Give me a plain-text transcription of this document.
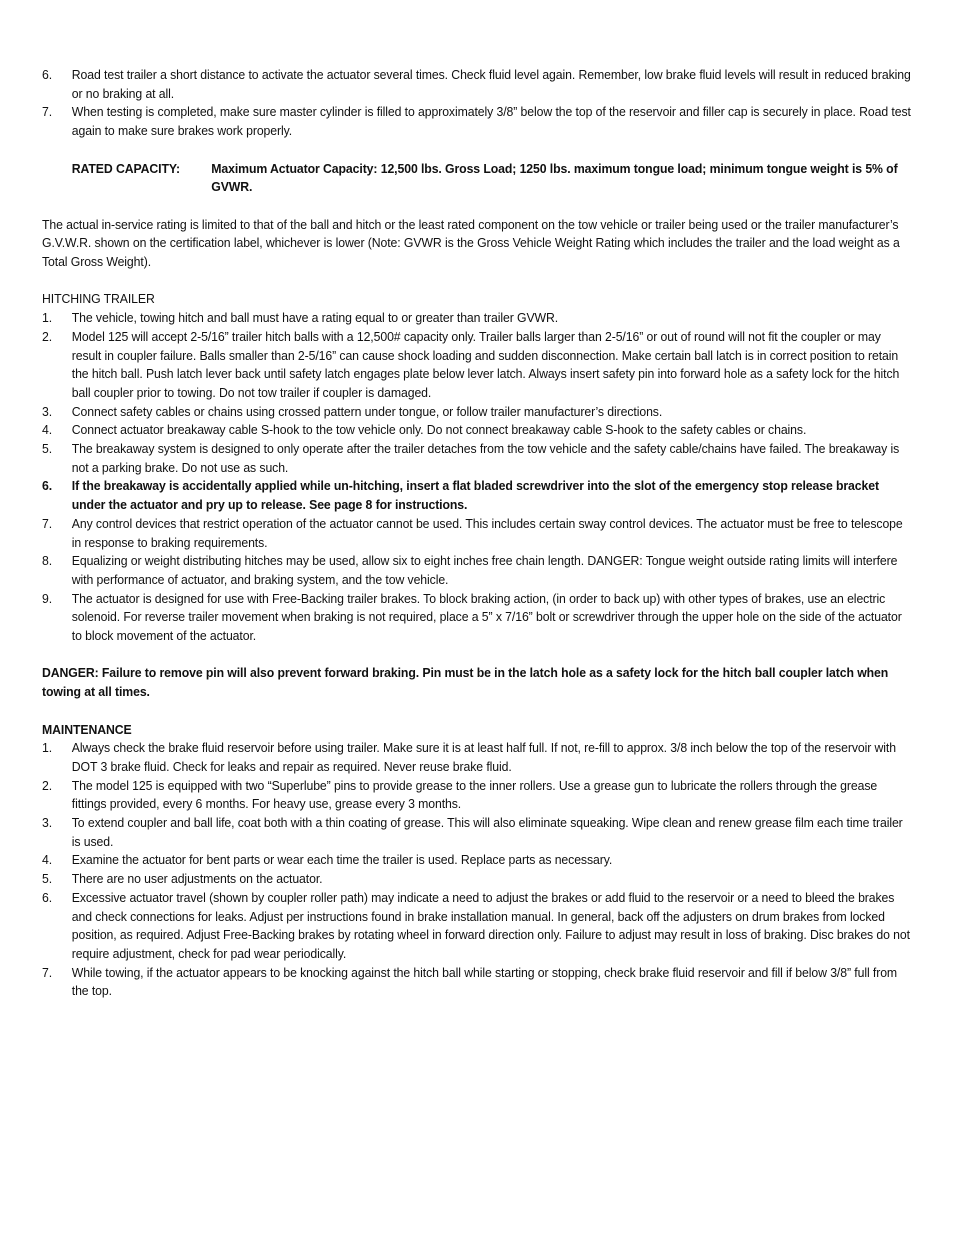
6. Road test trailer a short distance to activate the actuator several times. Check fluid level again. Remember, low brake fluid levels will result in reduced braking or no braking at all.
7. When testing is completed, make sure master cylinder is filled to approximately 3/8” below the top of the reservoir and filler cap is securely in place. Road test again to make sure brakes work properly.
RATED CAPACITY:	Maximum Actuator Capacity: 12,500 lbs. Gross Load; 1250 lbs. maximum tongue load; minimum tongue weight is 5% of GVWR.

The actual in-service rating is limited to that of the ball and hitch or the least rated component on the tow vehicle or trailer being used or the trailer manufacturer’s G.V.W.R. shown on the certification label, whichever is lower (Note: GVWR is the Gross Vehicle Weight Rating which includes the trailer and the load weight as a Total Gross Weight).

HITCHING TRAILER

1. The vehicle, towing hitch and ball must have a rating equal to or greater than trailer GVWR.
2. Model 125 will accept 2-5/16” trailer hitch balls with a 12,500# capacity only. Trailer balls larger than 2-5/16” or out of round will not fit the coupler or may result in coupler failure. Balls smaller than 2-5/16” can cause shock loading and sudden disconnection. Make certain ball latch is in correct position to retain the hitch ball. Push latch lever back until safety latch engages plate below lever latch. Always insert safety pin into forward hole as a safety lock for the hitch ball coupler prior to towing. Do not tow trailer if coupler is damaged.
3. Connect safety cables or chains using crossed pattern under tongue, or follow trailer manufacturer’s directions.
4. Connect actuator breakaway cable S-hook to the tow vehicle only. Do not connect breakaway cable S-hook to the safety cables or chains.
5. The breakaway system is designed to only operate after the trailer detaches from the tow vehicle and the safety cable/chains have failed. The breakaway is not a parking brake. Do not use as such.
6. If the breakaway is accidentally applied while un-hitching, insert a flat bladed screwdriver into the slot of the emergency stop release bracket under the actuator and pry up to release. See page 8 for instructions.
7. Any control devices that restrict operation of the actuator cannot be used. This includes certain sway control devices. The actuator must be free to telescope in response to braking requirements.
8. Equalizing or weight distributing hitches may be used, allow six to eight inches free chain length. DANGER: Tongue weight outside rating limits will interfere with performance of actuator, and braking system, and the tow vehicle.
9. The actuator is designed for use with Free-Backing trailer brakes. To block braking action, (in order to back up) with other types of brakes, use an electric solenoid. For reverse trailer movement when braking is not required, place a 5” x 7/16” bolt or screwdriver through the upper hole on the side of the actuator to block movement of the actuator.

DANGER: Failure to remove pin will also prevent forward braking. Pin must be in the latch hole as a safety lock for the hitch ball coupler latch when towing at all times.

MAINTENANCE

1. Always check the brake fluid reservoir before using trailer. Make sure it is at least half full. If not, re-fill to approx. 3/8 inch below the top of the reservoir with DOT 3 brake fluid. Check for leaks and repair as required. Never reuse brake fluid.
2. The model 125 is equipped with two “Superlube” pins to provide grease to the inner rollers. Use a grease gun to lubricate the rollers through the grease fittings provided, every 6 months. For heavy use, grease every 3 months.
3. To extend coupler and ball life, coat both with a thin coating of grease. This will also eliminate squeaking. Wipe clean and renew grease film each time trailer is used.
4. Examine the actuator for bent parts or wear each time the trailer is used. Replace parts as necessary.
5. There are no user adjustments on the actuator.
6. Excessive actuator travel (shown by coupler roller path) may indicate a need to adjust the brakes or add fluid to the reservoir or a need to bleed the brakes and check connections for leaks. Adjust per instructions found in brake installation manual. In general, back off the adjusters on drum brakes from locked position, as required. Adjust Free-Backing brakes by rotating wheel in forward direction only. Failure to adjust may result in loss of braking. Disc brakes do not require adjustment, check for pad wear periodically.
7. While towing, if the actuator appears to be knocking against the hitch ball while starting or stopping, check brake fluid reservoir and fill if below 3/8” full from the top.
